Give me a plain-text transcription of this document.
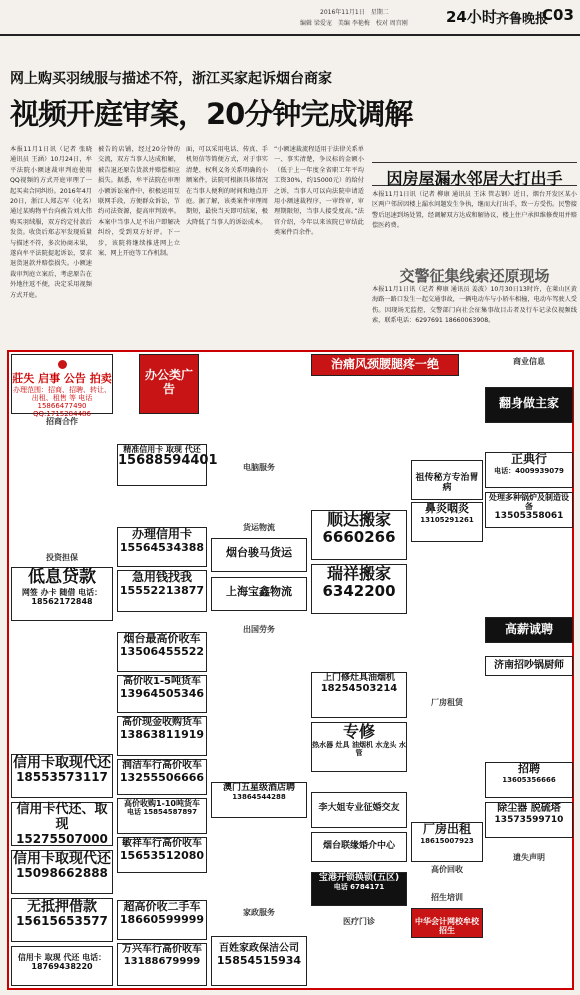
2016年11月1日　星期二
编辑 梁爱宠　美编 李艳梅　校对 周宫刚	24小时 齐鲁晚报
C03
网上购买羽绒服与描述不符，浙江买家起诉烟台商家
视频开庭审案，20分钟完成调解
本报11月1日讯（记者 张晓 通讯员 王涵）10月24日，牟平法院小额速裁审判庭使用QQ视频的方式开庭审理了一起买卖合同纠纷。2016年4月20日，浙江人郑志军（化名）通过某购物平台向被告刘大伟购买羽绒服，双方约定付款后发货。收货后郑志军发现质量与描述不符，多次协商未果，遂向牟平法院提起诉讼，要求退货退款并赔偿损失。小额速裁审判庭立案后，考虑原告在外地往返不便，决定采用视频方式开庭。
被告的店铺，经过20分钟的交流，双方当事人达成和解，被告退还原告货款并赔偿相应损失。据悉，牟平法院在审理小额诉讼案件中，积极运用互联网手段，方便群众诉讼，节约司法资源，提高审判效率。本案中当事人足不出户即解决纠纷，受到双方好评。下一步，该院将继续推进网上立案、网上开庭等工作机制。
面，可以采用电话、传真、手机短信等简便方式，对于事实清楚、权利义务关系明确的小额案件，法院可根据具体情况在当事人便利的时间和地点开庭。据了解，该类案件审理周期短，最快当天即可结案，极大降低了当事人的诉讼成本。
“小额速裁流程适用于法律关系单一、事实清楚，争议标的金额小（低于上一年度全省职工年平均工资30%，约15000元）的给付之诉，当事人可以向法院申请适用小额速裁程序，一审终审，审理期限短，当事人接受度高。”法官介绍，今年以来该院已审结此类案件百余件。
因房屋漏水邻居大打出手
本报11月1日讯（记者 柳康 通讯员 王沫 管志钢）近日，烟台开发区某小区两户邻居因楼上漏水问题发生争执，继而大打出手，致一方受伤。民警接警后迅速到场处置，经调解双方达成和解协议，楼上住户承担维修费用并赔偿医药费。
交警征集线索还原现场
本报11月1日讯（记者 柳康 通讯员 姜波）10月30日13时许，在莱山区黄海路一路口发生一起交通事故，一辆电动车与小轿车相撞，电动车驾驶人受伤。因现场无监控，交警部门向社会征集事故目击者及行车记录仪视频线索，联系电话：6297691 18660063908。
莊失 启事 公告 拍卖
办理范围：招商、招聘、转让、出租、租售 等 电话 15866477490 QQ:1715284486
招商合作
投资担保
低息贷款
网签 办卡 随借 电话：18562172848
信用卡取现代还
18553573117
信用卡代还、取现
15275507000
信用卡取现代还
15098662888
无抵押借款
15615653577
信用卡 取现 代还 电话：18769438220
精准信用卡 取现 代还
15688594401
办理信用卡
15564534388
急用钱找我
15552213877
烟台最高价收车
13506455522
高价收1-5吨货车
13964505346
高价现金收购货车
13863811919
润洁车行高价收车
13255506666
高价收购1-10吨货车
电话 15854587897
敏祥车行高价收车
15653512080
超高价收二手车
18660599999
万兴车行高价收车
13188679999
办公类广告
电脑服务
货运物流
烟台骏马货运
上海宝鑫物流
出国劳务
澳门五星级酒店聘
13864544288
家政服务
百姓家政保洁公司
15854515934
治痛风颈腰腿疼一绝
顺达搬家
6660266
瑞祥搬家
6342200
专修
热水器 灶具 油烟机 水龙头 水管
李大姐专业征婚交友
烟台联缘婚介中心
宝港开锁换锁(五区)
电话 6784171
医疗门诊
祖传秘方专治胃病
鼻炎咽炎
13105291261
上门修灶具油烟机
18254503214
厂房租赁
厂房出租
18615007923
高价回收
招生培训
中华会计网校牟校招生
商业信息
翻身做主家
正典行
电话：4009939079
处理多种锅炉及制造设备
13505358061
高薪诚聘
济南招吵锅厨师
招聘
13605356666
除尘器 脱硫塔
13573599710
遗失声明
